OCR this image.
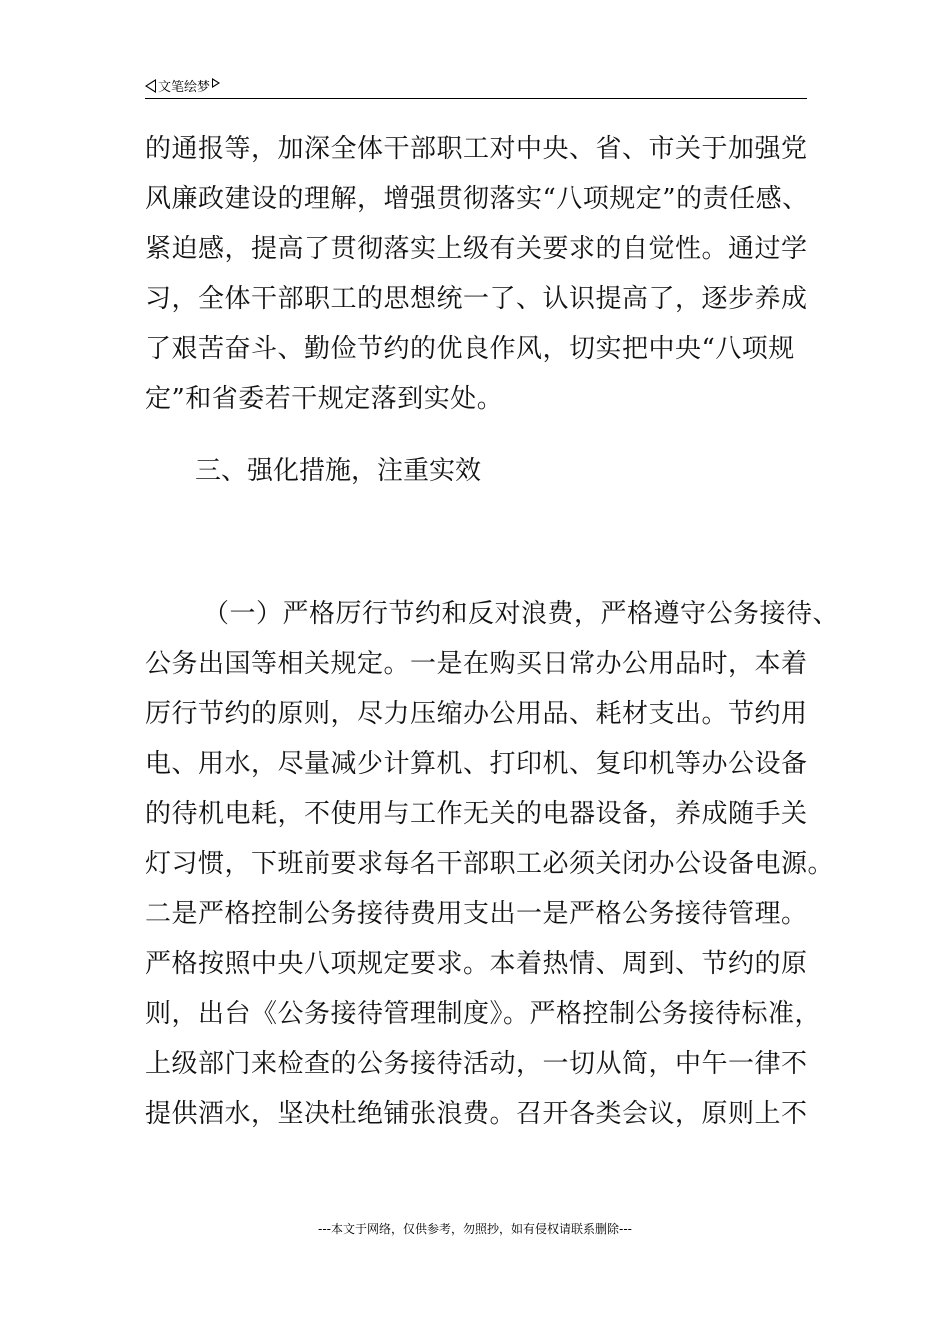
文笔绘梦
的通报等，加深全体干部职工对中央、省、市关于加强党
风廉政建设的理解，增强贯彻落实“八项规定”的责任感、
紧迫感，提高了贯彻落实上级有关要求的自觉性。通过学
习，全体干部职工的思想统一了、认识提高了，逐步养成
了艰苦奋斗、勤俭节约的优良作风，切实把中央“八项规
定”和省委若干规定落到实处。
三、强化措施，注重实效
（一）严格厉行节约和反对浪费，严格遵守公务接待、
公务出国等相关规定。一是在购买日常办公用品时，本着
厉行节约的原则，尽力压缩办公用品、耗材支出。节约用
电、用水，尽量减少计算机、打印机、复印机等办公设备
的待机电耗，不使用与工作无关的电器设备，养成随手关
灯习惯，下班前要求每名干部职工必须关闭办公设备电源。
二是严格控制公务接待费用支出一是严格公务接待管理。
严格按照中央八项规定要求。本着热情、周到、节约的原
则，出台《公务接待管理制度》。严格控制公务接待标准，
上级部门来检查的公务接待活动，一切从简，中午一律不
提供酒水，坚决杜绝铺张浪费。召开各类会议，原则上不
---本文于网络，仅供参考，勿照抄，如有侵权请联系删除---
